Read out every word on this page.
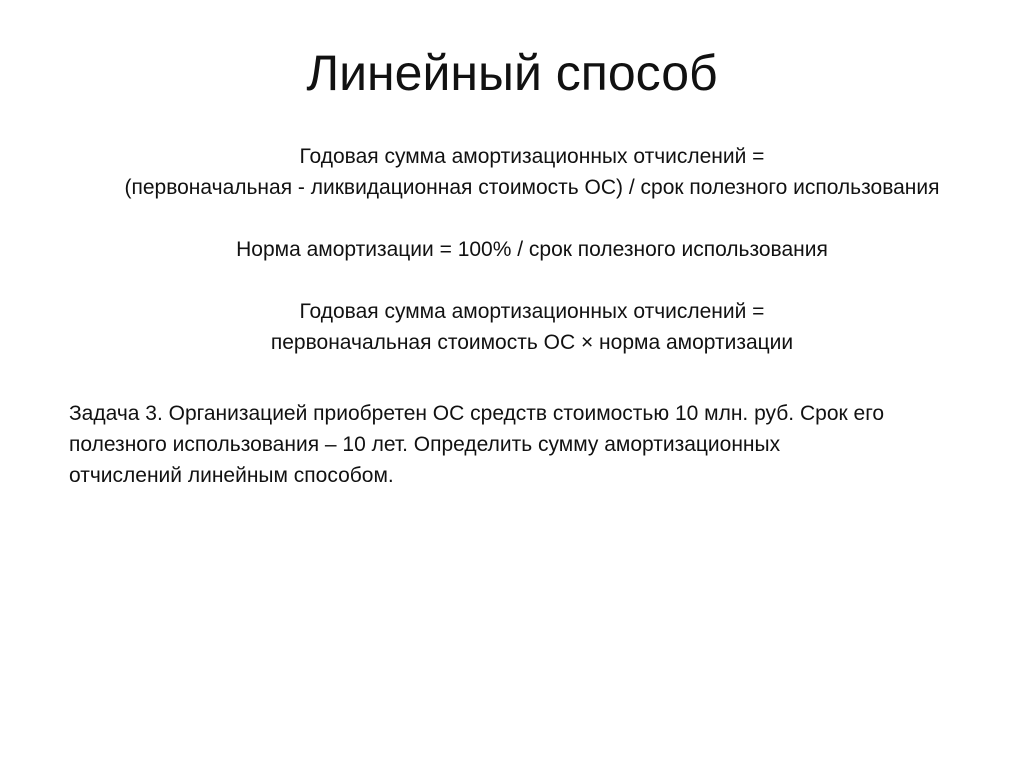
Линейный способ

Годовая сумма амортизационных отчислений =

(первоначальная - ликвидационная стоимость ОС) / срок полезного использования

Норма амортизации = 100% / срок полезного использования

Годовая сумма амортизационных отчислений =

первоначальная стоимость ОС × норма амортизации

Задача 3. Организацией приобретен ОС средств стоимостью 10 млн. руб. Срок его

полезного использования – 10 лет. Определить сумму амортизационных

отчислений линейным способом.
